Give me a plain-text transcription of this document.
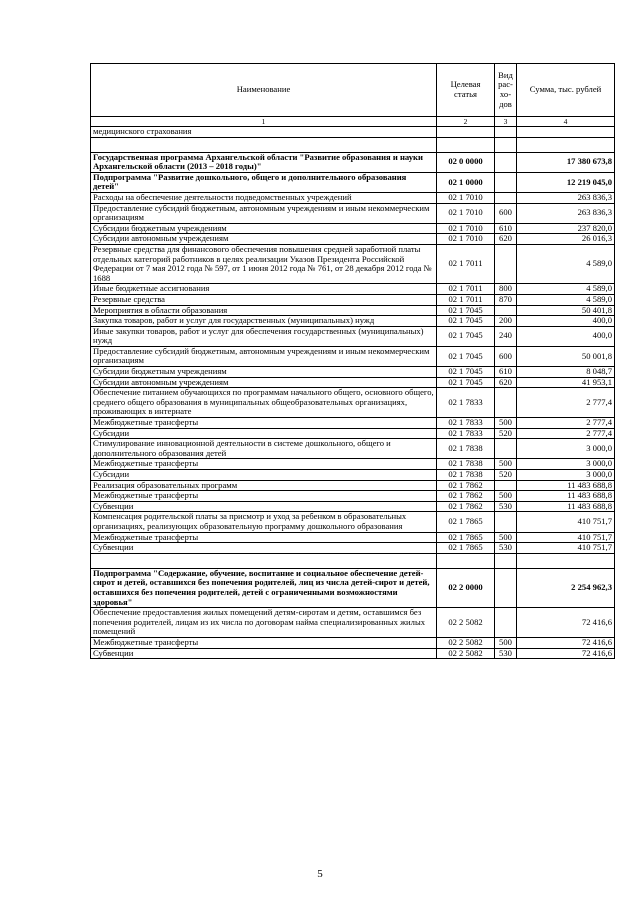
Наименование	Целевая статья	Вид рас-хо-дов	Сумма, тыс. рублей
1	2	3	4
медицинского страхования			

Государственная программа Архангельской области "Развитие образования и науки Архангельской области (2013 – 2018 годы)"	02 0 0000		17 380 673,8
Подпрограмма "Развитие дошкольного, общего и дополнительного образования детей"	02 1 0000		12 219 045,0
Расходы на обеспечение деятельности подведомственных учреждений	02 1 7010		263 836,3
Предоставление субсидий бюджетным, автономным учреждениям и иным некоммерческим организациям	02 1 7010	600	263 836,3
Субсидии бюджетным учреждениям	02 1 7010	610	237 820,0
Субсидии автономным учреждениям	02 1 7010	620	26 016,3
Резервные средства для финансового обеспечения повышения средней заработной платы отдельных категорий работников в целях реализации Указов Президента Российской Федерации от 7 мая 2012 года № 597, от 1 июня 2012 года № 761, от 28 декабря 2012 года № 1688	02 1 7011		4 589,0
Иные бюджетные ассигнования	02 1 7011	800	4 589,0
Резервные средства	02 1 7011	870	4 589,0
Мероприятия в области образования	02 1 7045		50 401,8
Закупка товаров, работ и услуг для государственных (муниципальных) нужд	02 1 7045	200	400,0
Иные закупки товаров, работ и услуг для обеспечения государственных (муниципальных) нужд	02 1 7045	240	400,0
Предоставление субсидий бюджетным, автономным учреждениям и иным некоммерческим организациям	02 1 7045	600	50 001,8
Субсидии бюджетным учреждениям	02 1 7045	610	8 048,7
Субсидии автономным учреждениям	02 1 7045	620	41 953,1
Обеспечение питанием обучающихся по программам начального общего, основного общего, среднего общего образования в муниципальных общеобразовательных организациях, проживающих в интернате	02 1 7833		2 777,4
Межбюджетные трансферты	02 1 7833	500	2 777,4
Субсидии	02 1 7833	520	2 777,4
Стимулирование инновационной деятельности в системе дошкольного, общего и дополнительного образования детей	02 1 7838		3 000,0
Межбюджетные трансферты	02 1 7838	500	3 000,0
Субсидии	02 1 7838	520	3 000,0
Реализация образовательных программ	02 1 7862		11 483 688,8
Межбюджетные трансферты	02 1 7862	500	11 483 688,8
Субвенции	02 1 7862	530	11 483 688,8
Компенсация родительской платы за присмотр и уход за ребенком в образовательных организациях, реализующих образовательную программу дошкольного образования	02 1 7865		410 751,7
Межбюджетные трансферты	02 1 7865	500	410 751,7
Субвенции	02 1 7865	530	410 751,7

Подпрограмма "Содержание, обучение, воспитание и социальное обеспечение детей-сирот и детей, оставшихся без попечения родителей, лиц из числа детей-сирот и детей, оставшихся без попечения родителей, детей с ограниченными возможностями здоровья"	02 2 0000		2 254 962,3
Обеспечение предоставления жилых помещений детям-сиротам и детям, оставшимся без попечения родителей, лицам из их числа по договорам найма специализированных жилых помещений	02 2 5082		72 416,6
Межбюджетные трансферты	02 2 5082	500	72 416,6
Субвенции	02 2 5082	530	72 416,6
5
